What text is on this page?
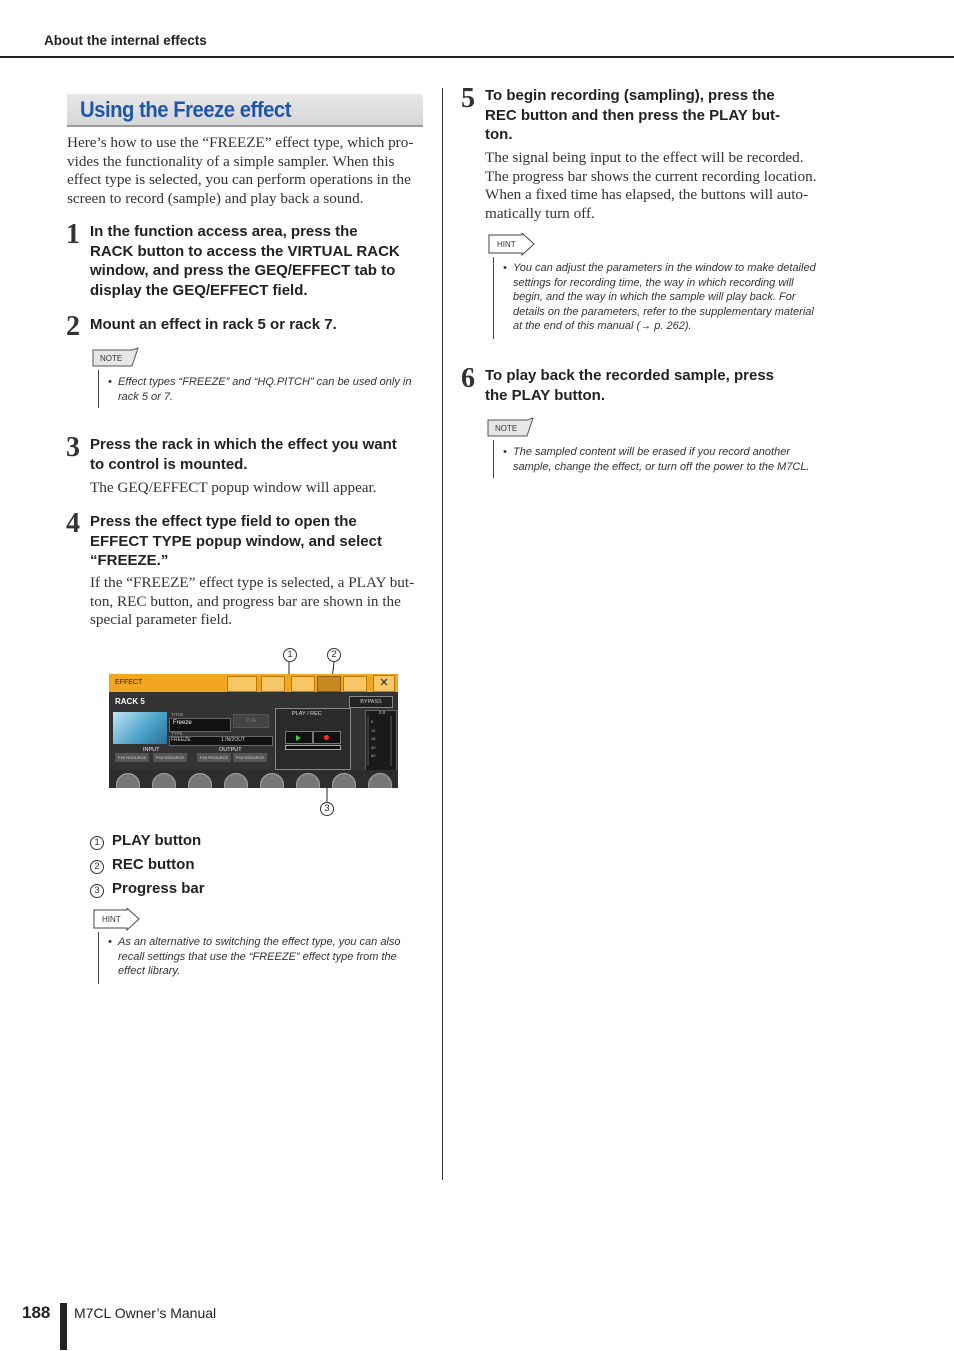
About the internal effects
Using the Freeze effect
Here’s how to use the “FREEZE” effect type, which pro-
vides the functionality of a simple sampler. When this
effect type is selected, you can perform operations in the
screen to record (sample) and play back a sound.
1 In the function access area, press the
RACK button to access the VIRTUAL RACK
window, and press the GEQ/EFFECT tab to
display the GEQ/EFFECT field.
2 Mount an effect in rack 5 or rack 7.
NOTE
• Effect types “FREEZE” and “HQ.PITCH” can be used only in
rack 5 or 7.
3 Press the rack in which the effect you want
to control is mounted.
The GEQ/EFFECT popup window will appear.
4 Press the effect type field to open the
EFFECT TYPE popup window, and select
“FREEZE.”
If the “FREEZE” effect type is selected, a PLAY but-
ton, REC button, and progress bar are shown in the
special parameter field.
1	2
3
EFFECT	✕
RACK 5	BYPASS
TITLE
Freeze	CUE
TYPE
FREEZE	1 IN/2OUT
INPUT	OUTPUT
FX6 RSOURCE	FX6 RSOURCE	FX6 RSOURCE	FX6 RSOURCE
PLAY / REC	0.0
6
12
18
30
60
1 PLAY button
2 REC button
3 Progress bar
HINT
• As an alternative to switching the effect type, you can also
recall settings that use the “FREEZE” effect type from the
effect library.
5 To begin recording (sampling), press the
REC button and then press the PLAY but-
ton.
The signal being input to the effect will be recorded.
The progress bar shows the current recording location.
When a fixed time has elapsed, the buttons will auto-
matically turn off.
HINT
• You can adjust the parameters in the window to make detailed
settings for recording time, the way in which recording will
begin, and the way in which the sample will play back. For
details on the parameters, refer to the supplementary material
at the end of this manual (→ p. 262).
6 To play back the recorded sample, press
the PLAY button.
NOTE
• The sampled content will be erased if you record another
sample, change the effect, or turn off the power to the M7CL.
188 M7CL Owner’s Manual
